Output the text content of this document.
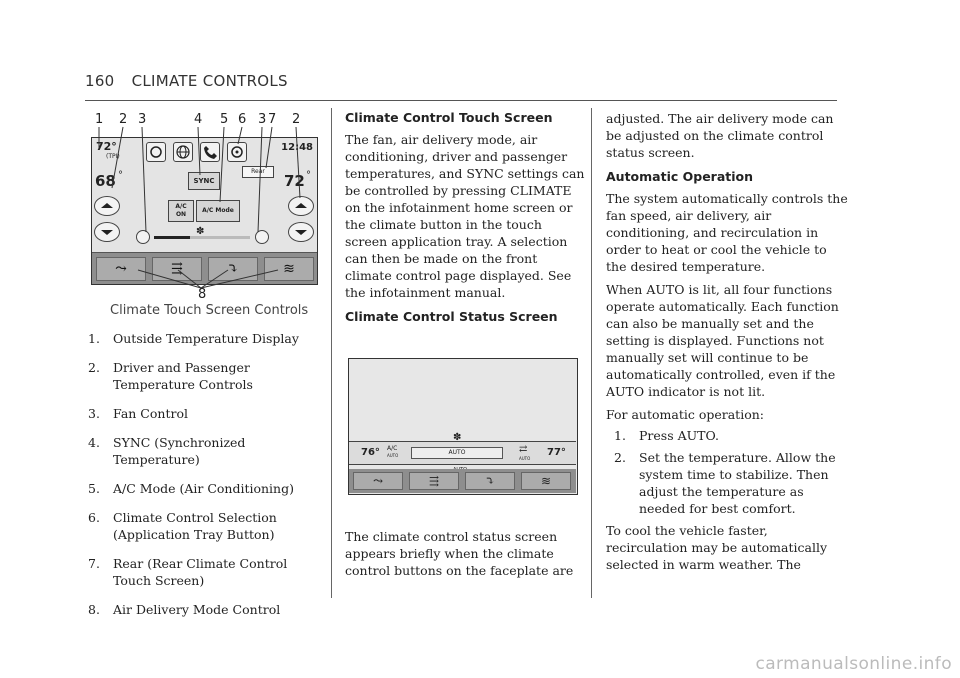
160 CLIMATE CONTROLS
1 2 3	4 5 6 3 7 2
72°
(TPI)
12:48
Rear
68 °	72 °
SYNC
A/C
ON
A/C Mode
✽
⤳	⇶	⤵	≋
8
Climate Touch Screen Controls
1. Outside Temperature Display
2. Driver and Passenger Temperature Controls
3. Fan Control
4. SYNC (Synchronized Temperature)
5. A/C Mode (Air Conditioning)
6. Climate Control Selection (Application Tray Button)
7. Rear (Rear Climate Control Touch Screen)
8. Air Delivery Mode Control
Climate Control Touch Screen
The fan, air delivery mode, air conditioning, driver and passenger temperatures, and SYNC settings can be controlled by pressing CLIMATE on the infotainment home screen or the climate button in the touch screen application tray. A selection can then be made on the front climate control page displayed. See the infotainment manual.
Climate Control Status Screen
76° A/C
AUTO	AUTO
✽
⇄
AUTO
77°
⤳	⇶	⤵	≋
The climate control status screen appears briefly when the climate control buttons on the faceplate are
adjusted. The air delivery mode can be adjusted on the climate control status screen.
Automatic Operation
The system automatically controls the fan speed, air delivery, air conditioning, and recirculation in order to heat or cool the vehicle to the desired temperature.
When AUTO is lit, all four functions operate automatically. Each function can also be manually set and the setting is displayed. Functions not manually set will continue to be automatically controlled, even if the AUTO indicator is not lit.
For automatic operation:
1. Press AUTO.
2. Set the temperature. Allow the system time to stabilize. Then adjust the temperature as needed for best comfort.
To cool the vehicle faster, recirculation may be automatically selected in warm weather. The
carmanualsonline.info
